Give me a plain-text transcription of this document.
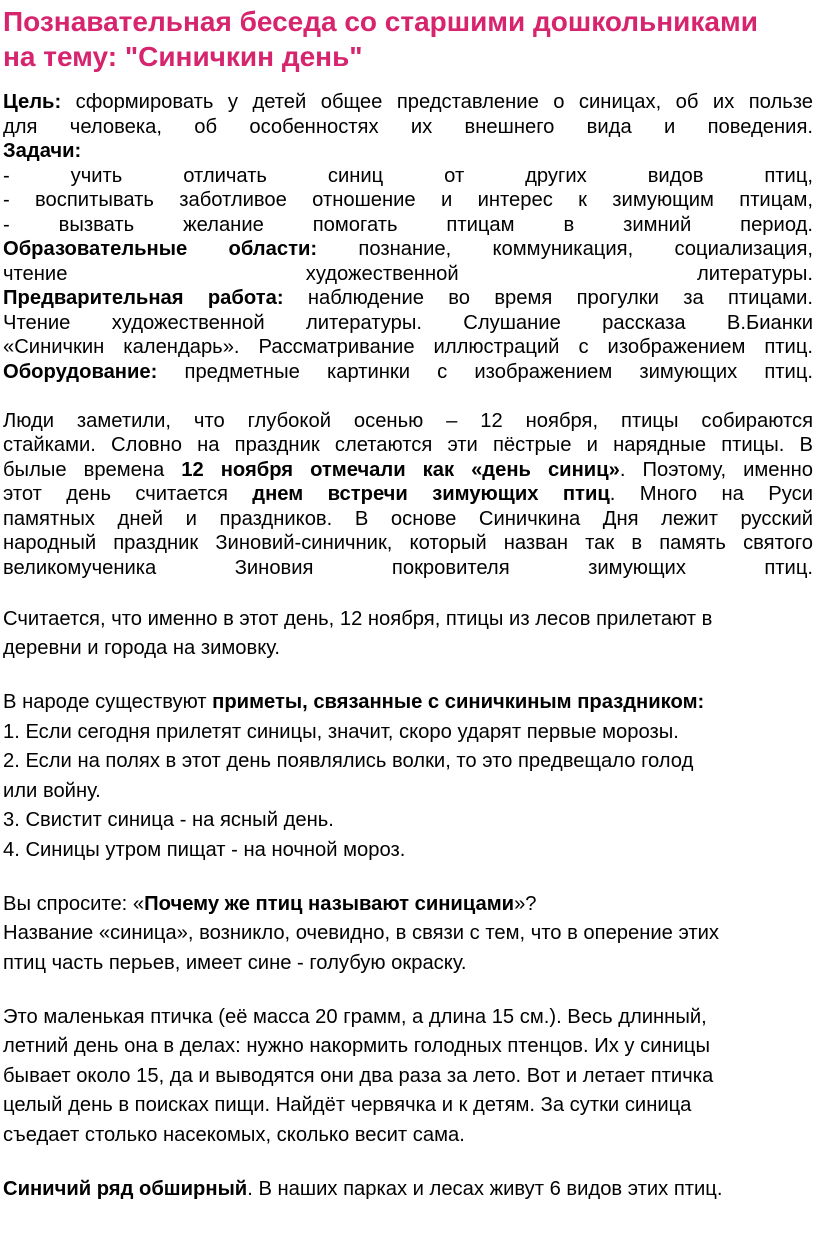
Познавательная беседа со старшими дошкольниками
на тему: "Синичкин день"
Цель: сформировать у детей общее представление о синицах, об их пользе
для человека, об особенностях их внешнего вида и поведения.
Задачи:
- учить отличать синиц от других видов птиц,
- воспитывать заботливое отношение и интерес к зимующим птицам,
- вызвать желание помогать птицам в зимний период.
Образовательные области: познание, коммуникация, социализация,
чтение художественной литературы.
Предварительная работа: наблюдение во время прогулки за птицами.
Чтение художественной литературы. Слушание рассказа В.Бианки
«Синичкин календарь». Рассматривание иллюстраций с изображением птиц.
Оборудование: предметные картинки с изображением зимующих птиц.
Люди заметили, что глубокой осенью – 12 ноября, птицы собираются
стайками. Словно на праздник слетаются эти пёстрые и нарядные птицы. В
былые времена 12 ноября отмечали как «день синиц». Поэтому, именно
этот день считается днем встречи зимующих птиц. Много на Руси
памятных дней и праздников. В основе Синичкина Дня лежит русский
народный праздник Зиновий-синичник, который назван так в память святого
великомученика Зиновия покровителя зимующих птиц.
Считается, что именно в этот день, 12 ноября, птицы из лесов прилетают в
деревни и города на зимовку.
В народе существуют приметы, связанные с синичкиным праздником:
1. Если сегодня прилетят синицы, значит, скоро ударят первые морозы.
2. Если на полях в этот день появлялись волки, то это предвещало голод
или войну.
3. Свистит синица - на ясный день.
4. Синицы утром пищат - на ночной мороз.
Вы спросите: «Почему же птиц называют синицами»?
Название «синица», возникло, очевидно, в связи с тем, что в оперение этих
птиц часть перьев, имеет сине - голубую окраску.
Это маленькая птичка (её масса 20 грамм, а длина 15 см.). Весь длинный,
летний день она в делах: нужно накормить голодных птенцов. Их у синицы
бывает около 15, да и выводятся они два раза за лето. Вот и летает птичка
целый день в поисках пищи. Найдёт червячка и к детям. За сутки синица
съедает столько насекомых, сколько весит сама.
Синичий ряд обширный. В наших парках и лесах живут 6 видов этих птиц.
